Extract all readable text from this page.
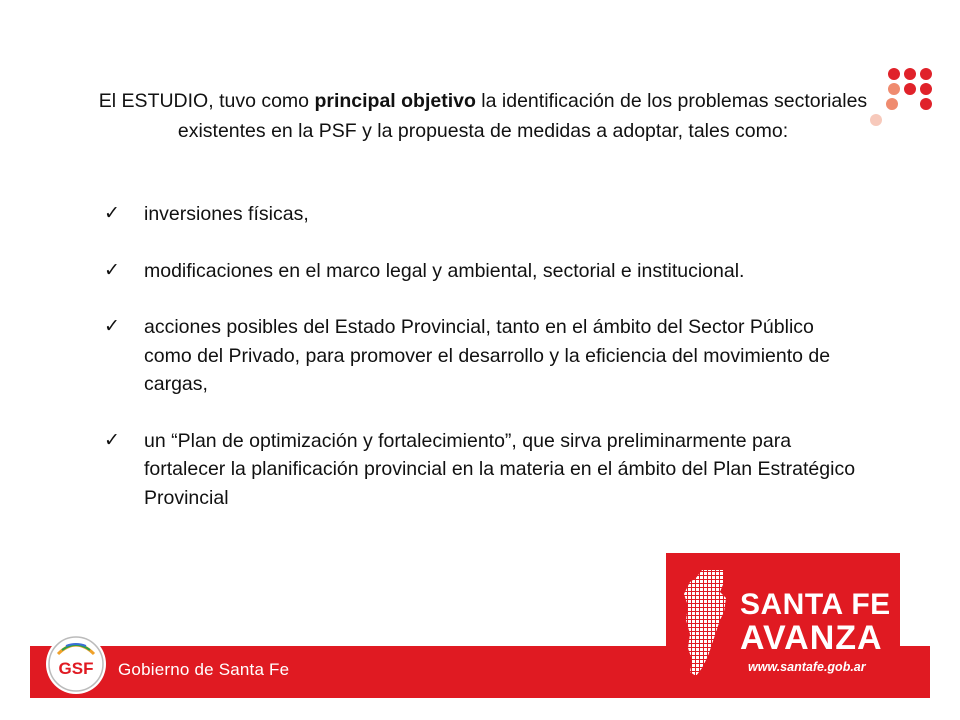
El ESTUDIO, tuvo como principal objetivo la identificación de los problemas sectoriales existentes en la PSF y la propuesta de medidas a adoptar, tales como:

✓ inversiones físicas,
✓ modificaciones en el marco legal y ambiental, sectorial e institucional.
✓ acciones posibles del Estado Provincial, tanto en el ámbito del Sector Público como del Privado, para promover el desarrollo y la eficiencia del movimiento de cargas,
✓ un “Plan de optimización y fortalecimiento”, que sirva preliminarmente para fortalecer la planificación provincial en la materia en el ámbito del Plan Estratégico Provincial
GSF Gobierno de Santa Fe
SANTA FE
AVANZA
www.santafe.gob.ar
